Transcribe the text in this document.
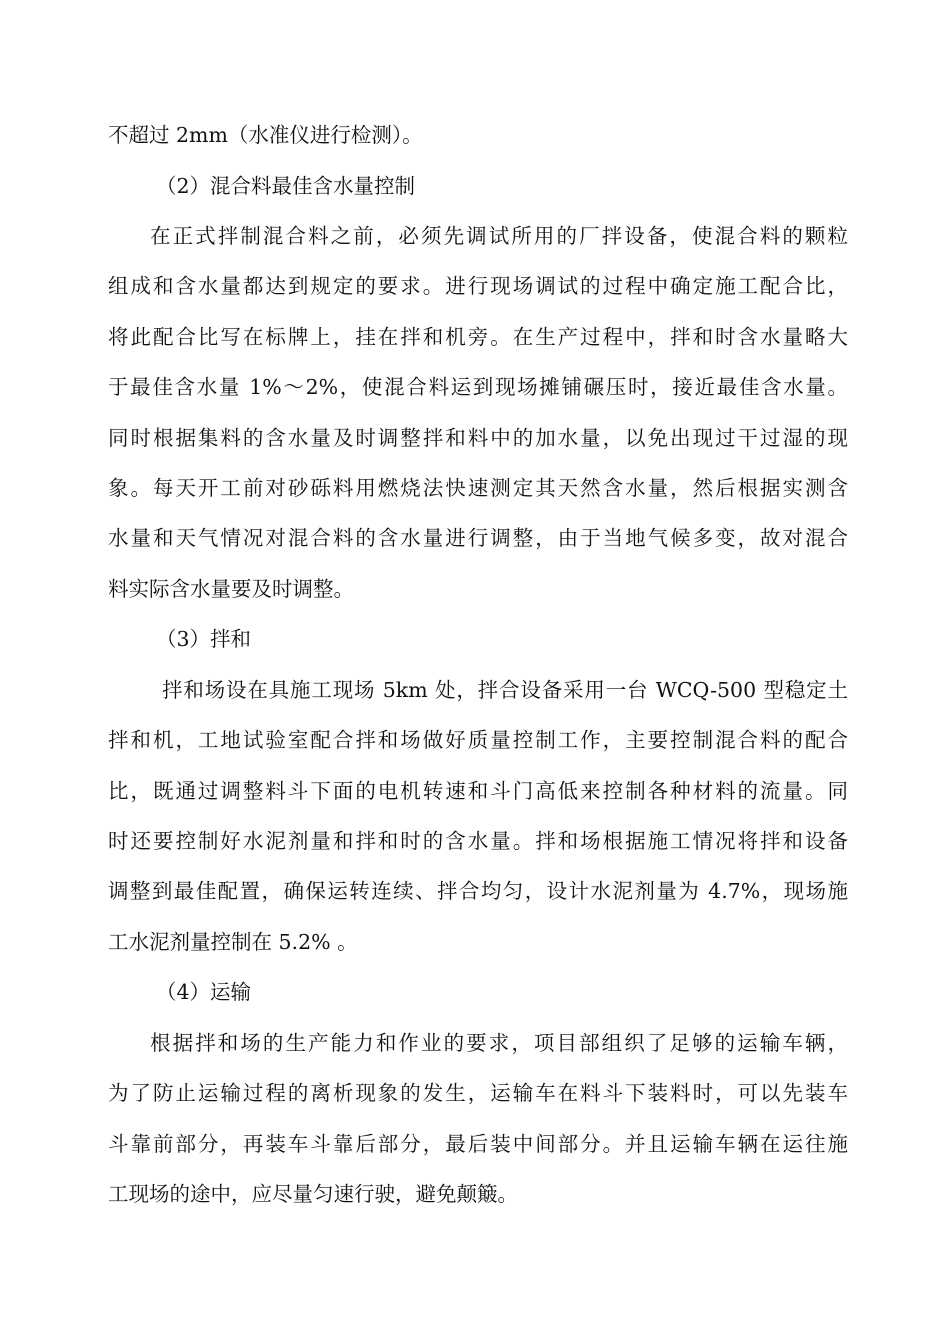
不超过 2mm（水准仪进行检测）。
（2）混合料最佳含水量控制
在正式拌制混合料之前，必须先调试所用的厂拌设备，使混合料的颗粒
组成和含水量都达到规定的要求。进行现场调试的过程中确定施工配合比，
将此配合比写在标牌上，挂在拌和机旁。在生产过程中，拌和时含水量略大
于最佳含水量 1%～2%，使混合料运到现场摊铺碾压时，接近最佳含水量。
同时根据集料的含水量及时调整拌和料中的加水量，以免出现过干过湿的现
象。每天开工前对砂砾料用燃烧法快速测定其天然含水量，然后根据实测含
水量和天气情况对混合料的含水量进行调整，由于当地气候多变，故对混合
料实际含水量要及时调整。
（3）拌和
拌和场设在具施工现场 5km 处，拌合设备采用一台 WCQ-500 型稳定土
拌和机，工地试验室配合拌和场做好质量控制工作，主要控制混合料的配合
比，既通过调整料斗下面的电机转速和斗门高低来控制各种材料的流量。同
时还要控制好水泥剂量和拌和时的含水量。拌和场根据施工情况将拌和设备
调整到最佳配置，确保运转连续、拌合均匀，设计水泥剂量为 4.7%，现场施
工水泥剂量控制在 5.2% 。
（4）运输
根据拌和场的生产能力和作业的要求，项目部组织了足够的运输车辆，
为了防止运输过程的离析现象的发生，运输车在料斗下装料时，可以先装车
斗靠前部分，再装车斗靠后部分，最后装中间部分。并且运输车辆在运往施
工现场的途中，应尽量匀速行驶，避免颠簸。
